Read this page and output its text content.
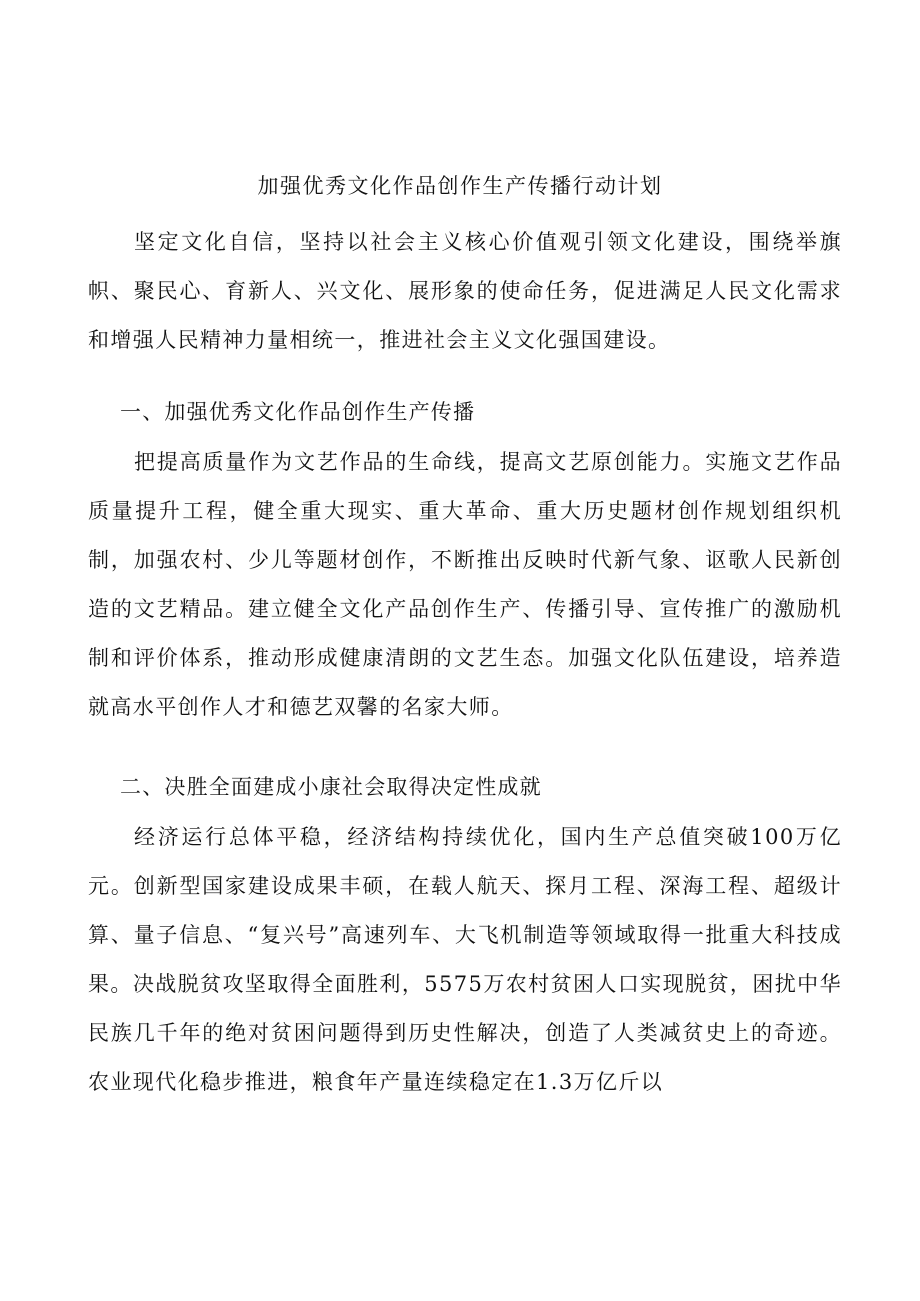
加强优秀文化作品创作生产传播行动计划

坚定文化自信，坚持以社会主义核心价值观引领文化建设，围绕举旗帜、聚民心、育新人、兴文化、展形象的使命任务，促进满足人民文化需求和增强人民精神力量相统一，推进社会主义文化强国建设。

一、加强优秀文化作品创作生产传播

把提高质量作为文艺作品的生命线，提高文艺原创能力。实施文艺作品质量提升工程，健全重大现实、重大革命、重大历史题材创作规划组织机制，加强农村、少儿等题材创作，不断推出反映时代新气象、讴歌人民新创造的文艺精品。建立健全文化产品创作生产、传播引导、宣传推广的激励机制和评价体系，推动形成健康清朗的文艺生态。加强文化队伍建设，培养造就高水平创作人才和德艺双馨的名家大师。

二、决胜全面建成小康社会取得决定性成就

经济运行总体平稳，经济结构持续优化，国内生产总值突破100万亿元。创新型国家建设成果丰硕，在载人航天、探月工程、深海工程、超级计算、量子信息、“复兴号”高速列车、大飞机制造等领域取得一批重大科技成果。决战脱贫攻坚取得全面胜利，5575万农村贫困人口实现脱贫，困扰中华民族几千年的绝对贫困问题得到历史性解决，创造了人类减贫史上的奇迹。农业现代化稳步推进，粮食年产量连续稳定在1.3万亿斤以
